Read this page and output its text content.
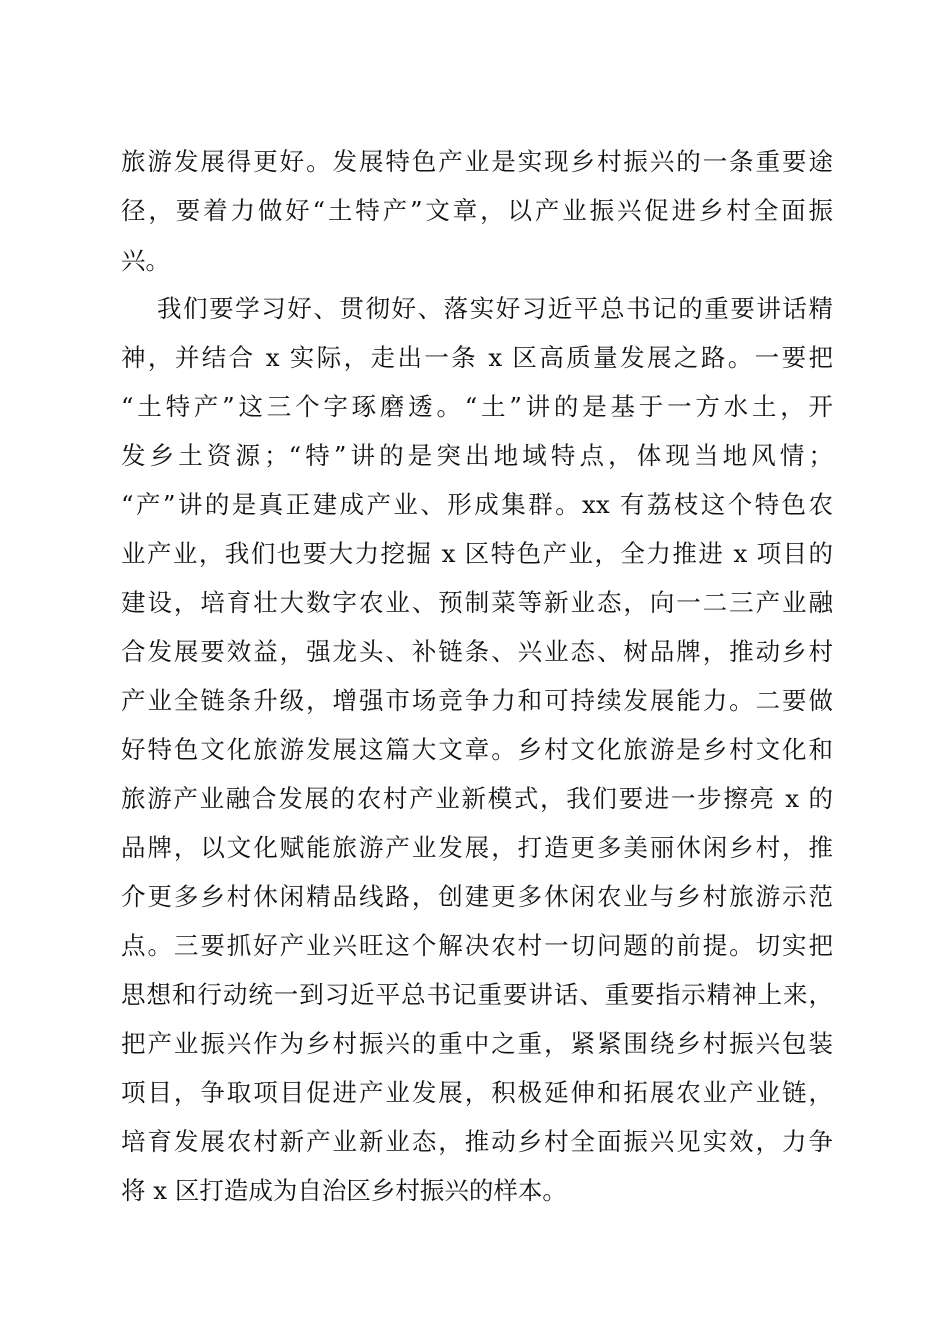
旅游发展得更好。发展特色产业是实现乡村振兴的一条重要途

径，要着力做好“土特产”文章，以产业振兴促进乡村全面振

兴。

我们要学习好、贯彻好、落实好习近平总书记的重要讲话精

神，并结合 x 实际，走出一条 x 区高质量发展之路。一要把

“土特产”这三个字琢磨透。“土”讲的是基于一方水土，开

发乡土资源；“特”讲的是突出地域特点，体现当地风情；

“产”讲的是真正建成产业、形成集群。xx 有荔枝这个特色农

业产业，我们也要大力挖掘 x 区特色产业，全力推进 x 项目的

建设，培育壮大数字农业、预制菜等新业态，向一二三产业融

合发展要效益，强龙头、补链条、兴业态、树品牌，推动乡村

产业全链条升级，增强市场竞争力和可持续发展能力。二要做

好特色文化旅游发展这篇大文章。乡村文化旅游是乡村文化和

旅游产业融合发展的农村产业新模式，我们要进一步擦亮 x 的

品牌，以文化赋能旅游产业发展，打造更多美丽休闲乡村，推

介更多乡村休闲精品线路，创建更多休闲农业与乡村旅游示范

点。三要抓好产业兴旺这个解决农村一切问题的前提。切实把

思想和行动统一到习近平总书记重要讲话、重要指示精神上来，

把产业振兴作为乡村振兴的重中之重，紧紧围绕乡村振兴包装

项目，争取项目促进产业发展，积极延伸和拓展农业产业链，

培育发展农村新产业新业态，推动乡村全面振兴见实效，力争

将 x 区打造成为自治区乡村振兴的样本。
